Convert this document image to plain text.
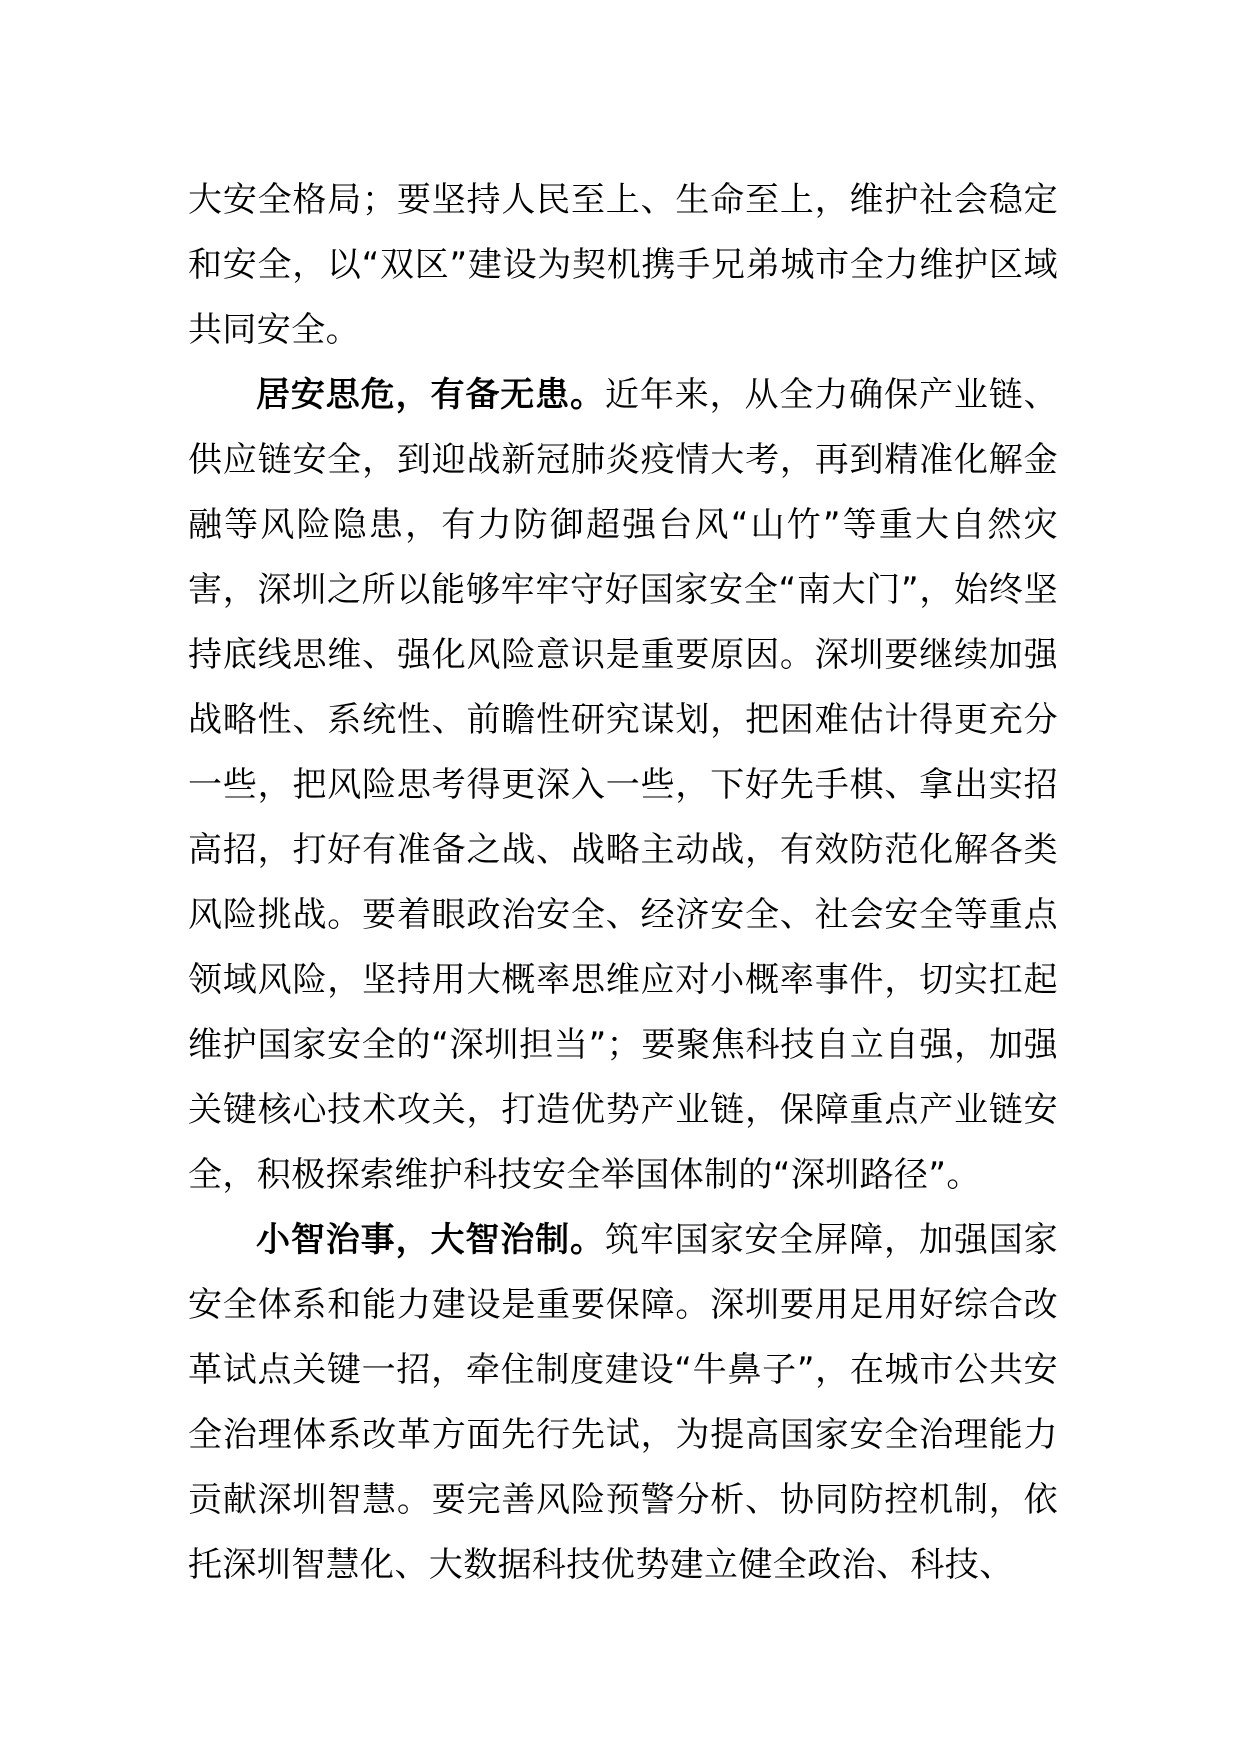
大安全格局；要坚持人民至上、生命至上，维护社会稳定和安全，以“双区”建设为契机携手兄弟城市全力维护区域共同安全。

居安思危，有备无患。近年来，从全力确保产业链、供应链安全，到迎战新冠肺炎疫情大考，再到精准化解金融等风险隐患，有力防御超强台风“山竹”等重大自然灾害，深圳之所以能够牢牢守好国家安全“南大门”，始终坚持底线思维、强化风险意识是重要原因。深圳要继续加强战略性、系统性、前瞻性研究谋划，把困难估计得更充分一些，把风险思考得更深入一些，下好先手棋、拿出实招高招，打好有准备之战、战略主动战，有效防范化解各类风险挑战。要着眼政治安全、经济安全、社会安全等重点领域风险，坚持用大概率思维应对小概率事件，切实扛起维护国家安全的“深圳担当”；要聚焦科技自立自强，加强关键核心技术攻关，打造优势产业链，保障重点产业链安全，积极探索维护科技安全举国体制的“深圳路径”。

小智治事，大智治制。筑牢国家安全屏障，加强国家安全体系和能力建设是重要保障。深圳要用足用好综合改革试点关键一招，牵住制度建设“牛鼻子”，在城市公共安全治理体系改革方面先行先试，为提高国家安全治理能力贡献深圳智慧。要完善风险预警分析、协同防控机制，依托深圳智慧化、大数据科技优势建立健全政治、科技、
